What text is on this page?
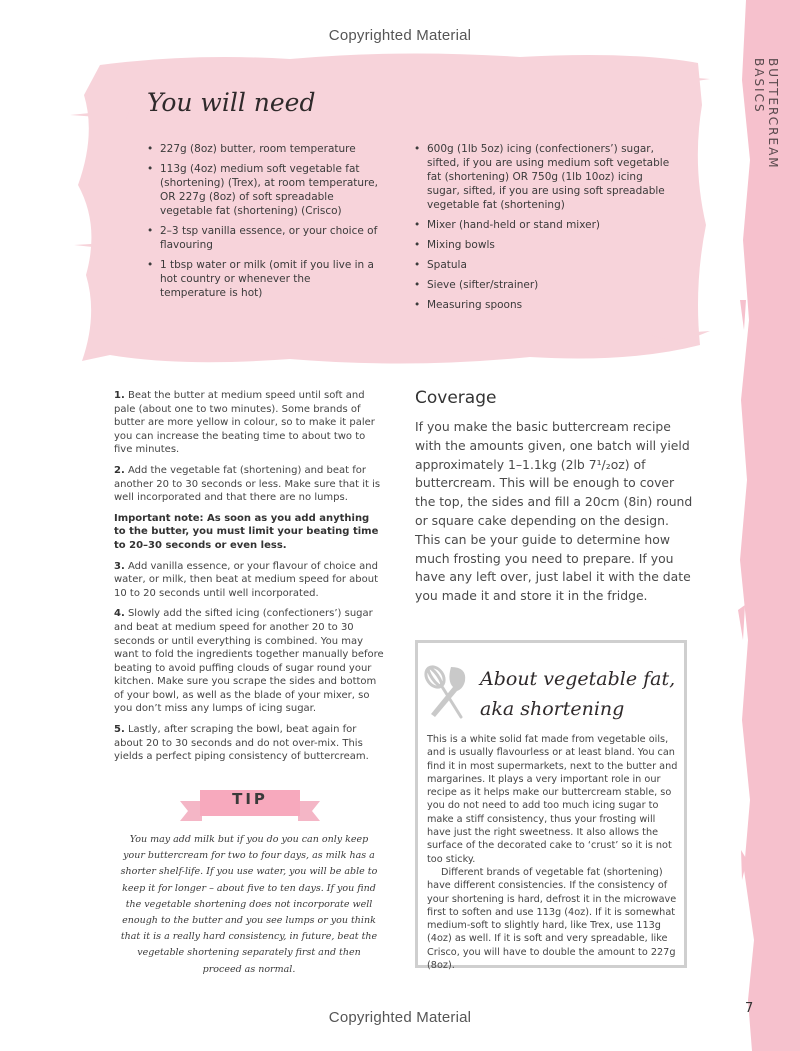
Copyrighted Material
BUTTERCREAM BASICS
You will need
• 227g (8oz) butter, room temperature
• 113g (4oz) medium soft vegetable fat (shortening) (Trex), at room temperature, OR 227g (8oz) of soft spreadable vegetable fat (shortening) (Crisco)
• 2–3 tsp vanilla essence, or your choice of flavouring
• 1 tbsp water or milk (omit if you live in a hot country or whenever the temperature is hot)
• 600g (1lb 5oz) icing (confectioners’) sugar, sifted, if you are using medium soft vegetable fat (shortening) OR 750g (1lb 10oz) icing sugar, sifted, if you are using soft spreadable vegetable fat (shortening)
• Mixer (hand-held or stand mixer)
• Mixing bowls
• Spatula
• Sieve (sifter/strainer)
• Measuring spoons

1. Beat the butter at medium speed until soft and pale (about one to two minutes). Some brands of butter are more yellow in colour, so to make it paler you can increase the beating time to about two to five minutes.

2. Add the vegetable fat (shortening) and beat for another 20 to 30 seconds or less. Make sure that it is well incorporated and that there are no lumps.

Important note: As soon as you add anything to the butter, you must limit your beating time to 20–30 seconds or even less.

3. Add vanilla essence, or your flavour of choice and water, or milk, then beat at medium speed for about 10 to 20 seconds until well incorporated.

4. Slowly add the sifted icing (confectioners’) sugar and beat at medium speed for another 20 to 30 seconds or until everything is combined. You may want to fold the ingredients together manually before beating to avoid puffing clouds of sugar round your kitchen. Make sure you scrape the sides and bottom of your bowl, as well as the blade of your mixer, so you don’t miss any lumps of icing sugar.

5. Lastly, after scraping the bowl, beat again for about 20 to 30 seconds and do not over-mix. This yields a perfect piping consistency of buttercream.

TIP
You may add milk but if you do you can only keep your buttercream for two to four days, as milk has a shorter shelf-life. If you use water, you will be able to keep it for longer – about five to ten days. If you find the vegetable shortening does not incorporate well enough to the butter and you see lumps or you think that it is a really hard consistency, in future, beat the vegetable shortening separately first and then proceed as normal.
Coverage

If you make the basic buttercream recipe with the amounts given, one batch will yield approximately 1–1.1kg (2lb 7¹/₂oz) of buttercream. This will be enough to cover the top, the sides and fill a 20cm (8in) round or square cake depending on the design. This can be your guide to determine how much frosting you need to prepare. If you have any left over, just label it with the date you made it and store it in the fridge.

About vegetable fat,
aka shortening

This is a white solid fat made from vegetable oils, and is usually flavourless or at least bland. You can find it in most supermarkets, next to the butter and margarines. It plays a very important role in our recipe as it helps make our buttercream stable, so you do not need to add too much icing sugar to make a stiff consistency, thus your frosting will have just the right sweetness. It also allows the surface of the decorated cake to ‘crust’ so it is not too sticky.

Different brands of vegetable fat (shortening) have different consistencies. If the consistency of your shortening is hard, defrost it in the microwave first to soften and use 113g (4oz). If it is somewhat medium-soft to slightly hard, like Trex, use 113g (4oz) as well. If it is soft and very spreadable, like Crisco, you will have to double the amount to 227g (8oz).

7
Copyrighted Material
